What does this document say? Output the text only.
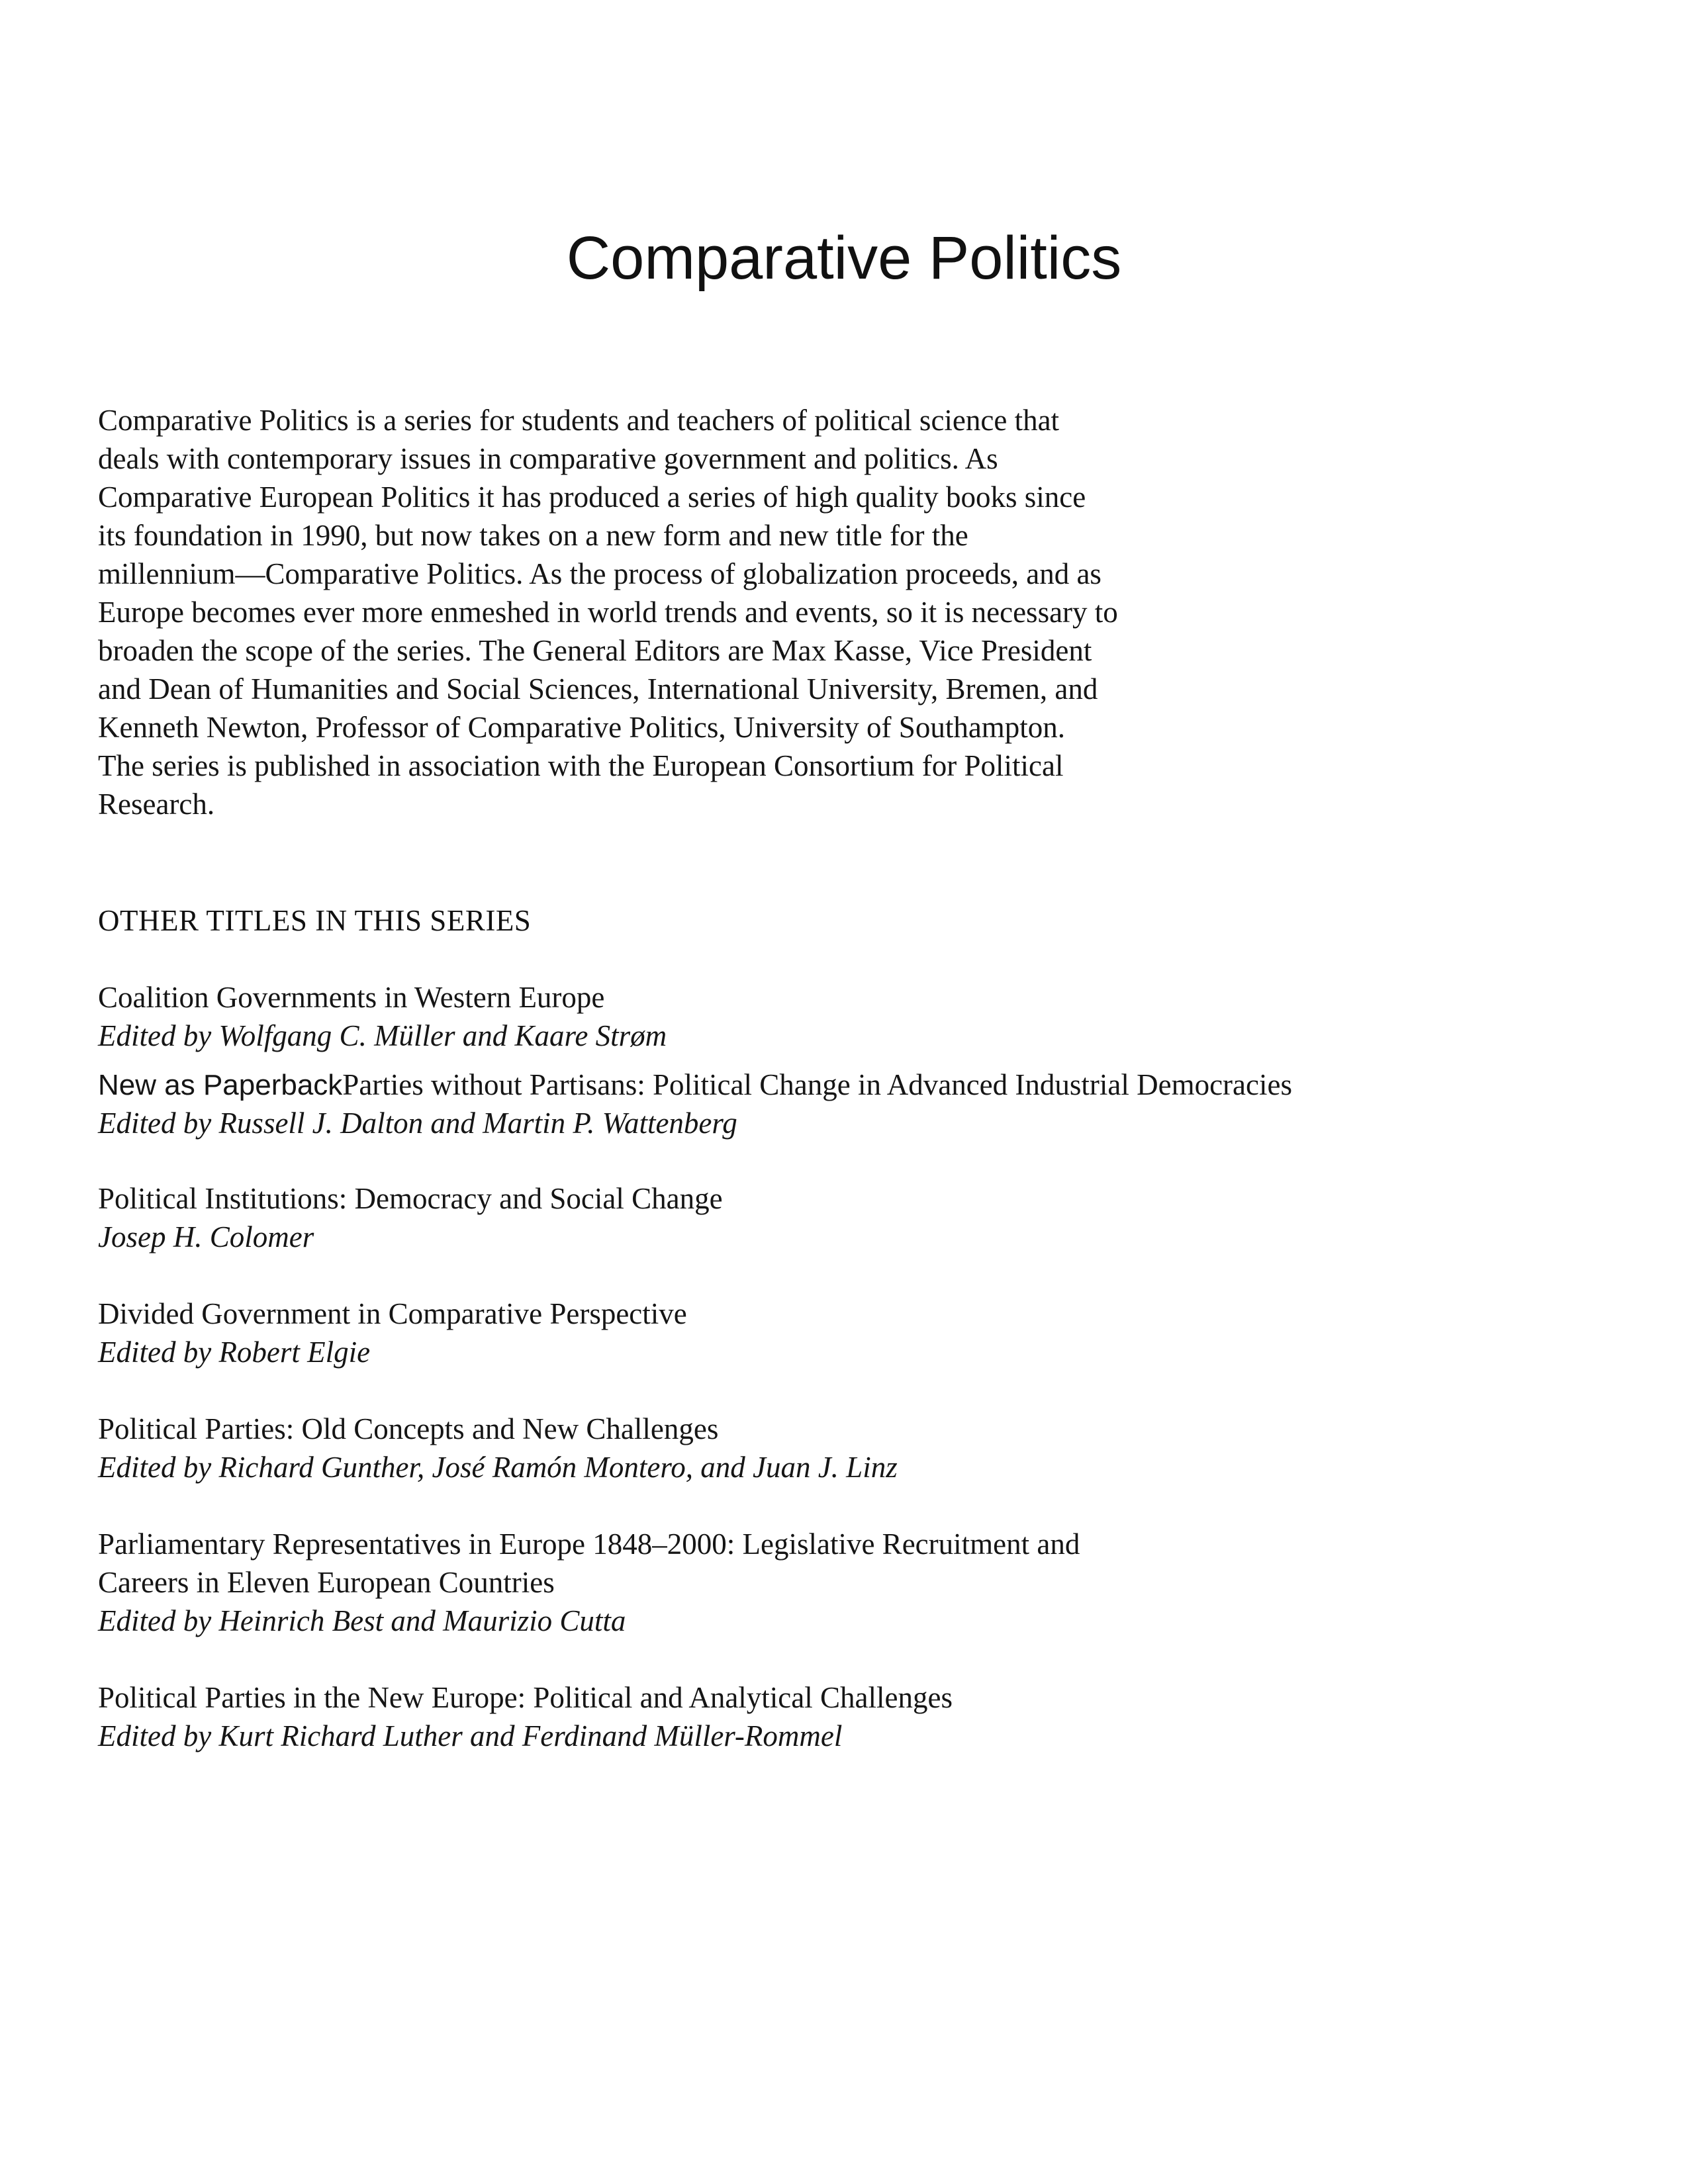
Comparative Politics
Comparative Politics is a series for students and teachers of political science that
deals with contemporary issues in comparative government and politics. As
Comparative European Politics it has produced a series of high quality books since
its foundation in 1990, but now takes on a new form and new title for the
millennium—Comparative Politics. As the process of globalization proceeds, and as
Europe becomes ever more enmeshed in world trends and events, so it is necessary to
broaden the scope of the series. The General Editors are Max Kasse, Vice President
and Dean of Humanities and Social Sciences, International University, Bremen, and
Kenneth Newton, Professor of Comparative Politics, University of Southampton.
The series is published in association with the European Consortium for Political
Research.
OTHER TITLES IN THIS SERIES
Coalition Governments in Western Europe
Edited by Wolfgang C. Müller and Kaare Strøm
New as PaperbackParties without Partisans: Political Change in Advanced Industrial Democracies
Edited by Russell J. Dalton and Martin P. Wattenberg
Political Institutions: Democracy and Social Change
Josep H. Colomer
Divided Government in Comparative Perspective
Edited by Robert Elgie
Political Parties: Old Concepts and New Challenges
Edited by Richard Gunther, José Ramón Montero, and Juan J. Linz
Parliamentary Representatives in Europe 1848–2000: Legislative Recruitment and
Careers in Eleven European Countries
Edited by Heinrich Best and Maurizio Cutta
Political Parties in the New Europe: Political and Analytical Challenges
Edited by Kurt Richard Luther and Ferdinand Müller-Rommel
